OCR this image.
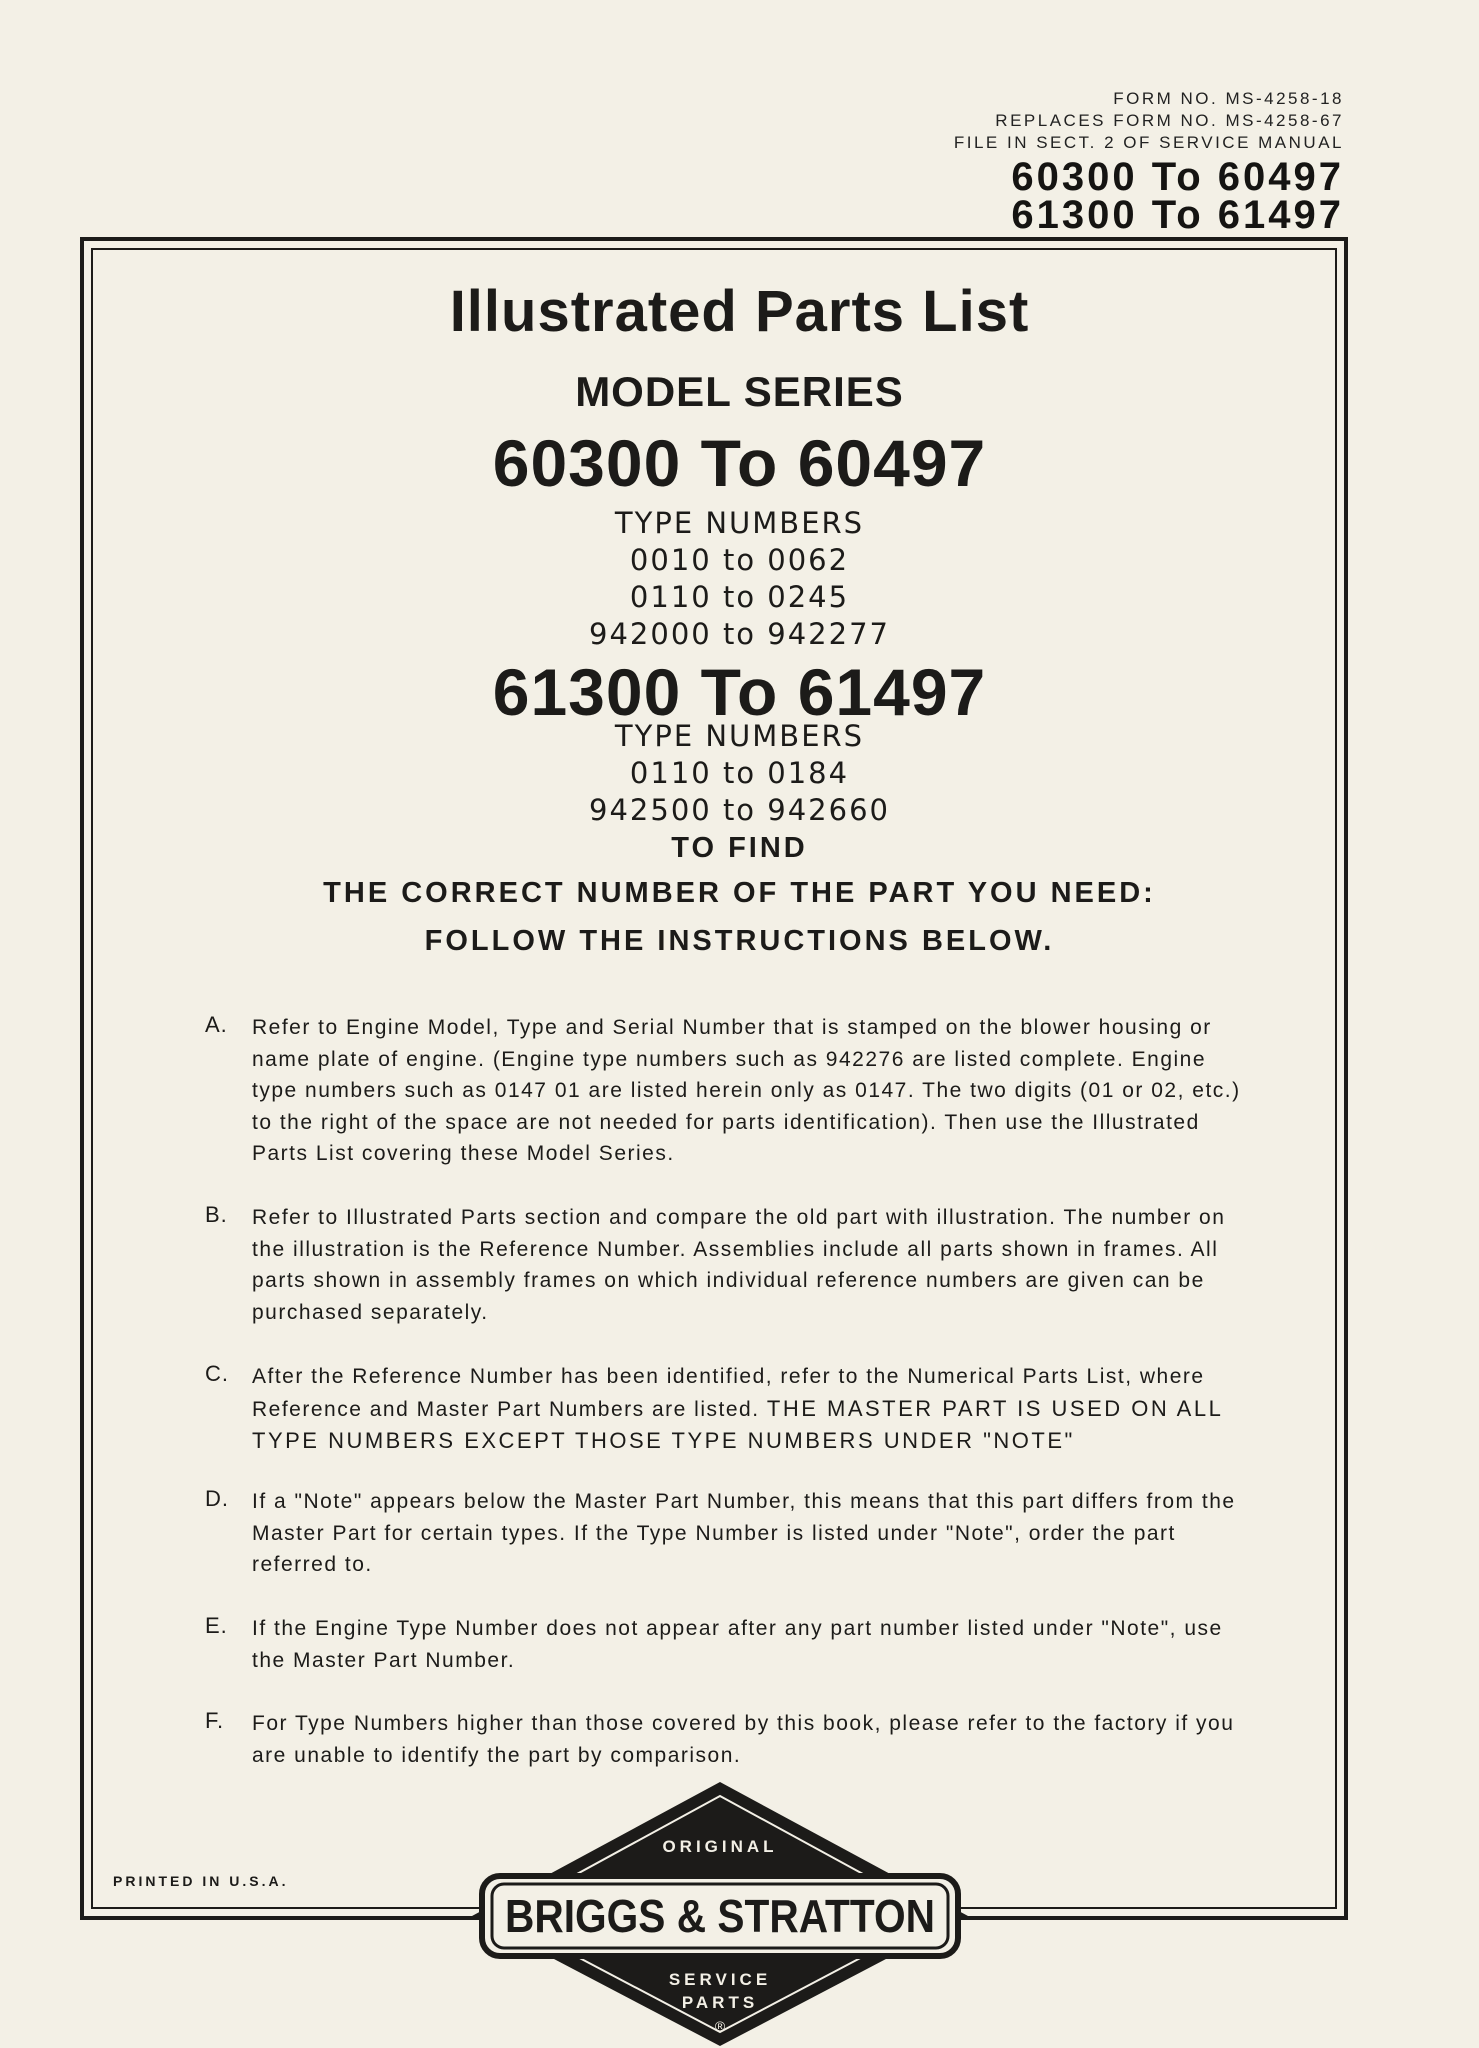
FORM NO. MS-4258-18
REPLACES FORM NO. MS-4258-67
FILE IN SECT. 2 OF SERVICE MANUAL
60300 To 60497
61300 To 61497
Illustrated Parts List
MODEL SERIES
60300 To 60497
TYPE NUMBERS
0010 to 0062
0110 to 0245
942000 to 942277
61300 To 61497
TYPE NUMBERS
0110 to 0184
942500 to 942660
TO FIND
THE CORRECT NUMBER OF THE PART YOU NEED:
FOLLOW THE INSTRUCTIONS BELOW.
A. Refer to Engine Model, Type and Serial Number that is stamped on the blower housing or name plate of engine. (Engine type numbers such as 942276 are listed complete. Engine type numbers such as 0147 01 are listed herein only as 0147. The two digits (01 or 02, etc.) to the right of the space are not needed for parts identification). Then use the Illustrated Parts List covering these Model Series.
B. Refer to Illustrated Parts section and compare the old part with illustration. The number on the illustration is the Reference Number. Assemblies include all parts shown in frames. All parts shown in assembly frames on which individual reference numbers are given can be purchased separately.
C. After the Reference Number has been identified, refer to the Numerical Parts List, where Reference and Master Part Numbers are listed. THE MASTER PART IS USED ON ALL TYPE NUMBERS EXCEPT THOSE TYPE NUMBERS UNDER "NOTE"
D. If a "Note" appears below the Master Part Number, this means that this part differs from the Master Part for certain types. If the Type Number is listed under "Note", order the part referred to.
E. If the Engine Type Number does not appear after any part number listed under "Note", use the Master Part Number.
F. For Type Numbers higher than those covered by this book, please refer to the factory if you are unable to identify the part by comparison.
PRINTED IN U.S.A.
ORIGINAL
BRIGGS & STRATTON
SERVICE
PARTS
®
